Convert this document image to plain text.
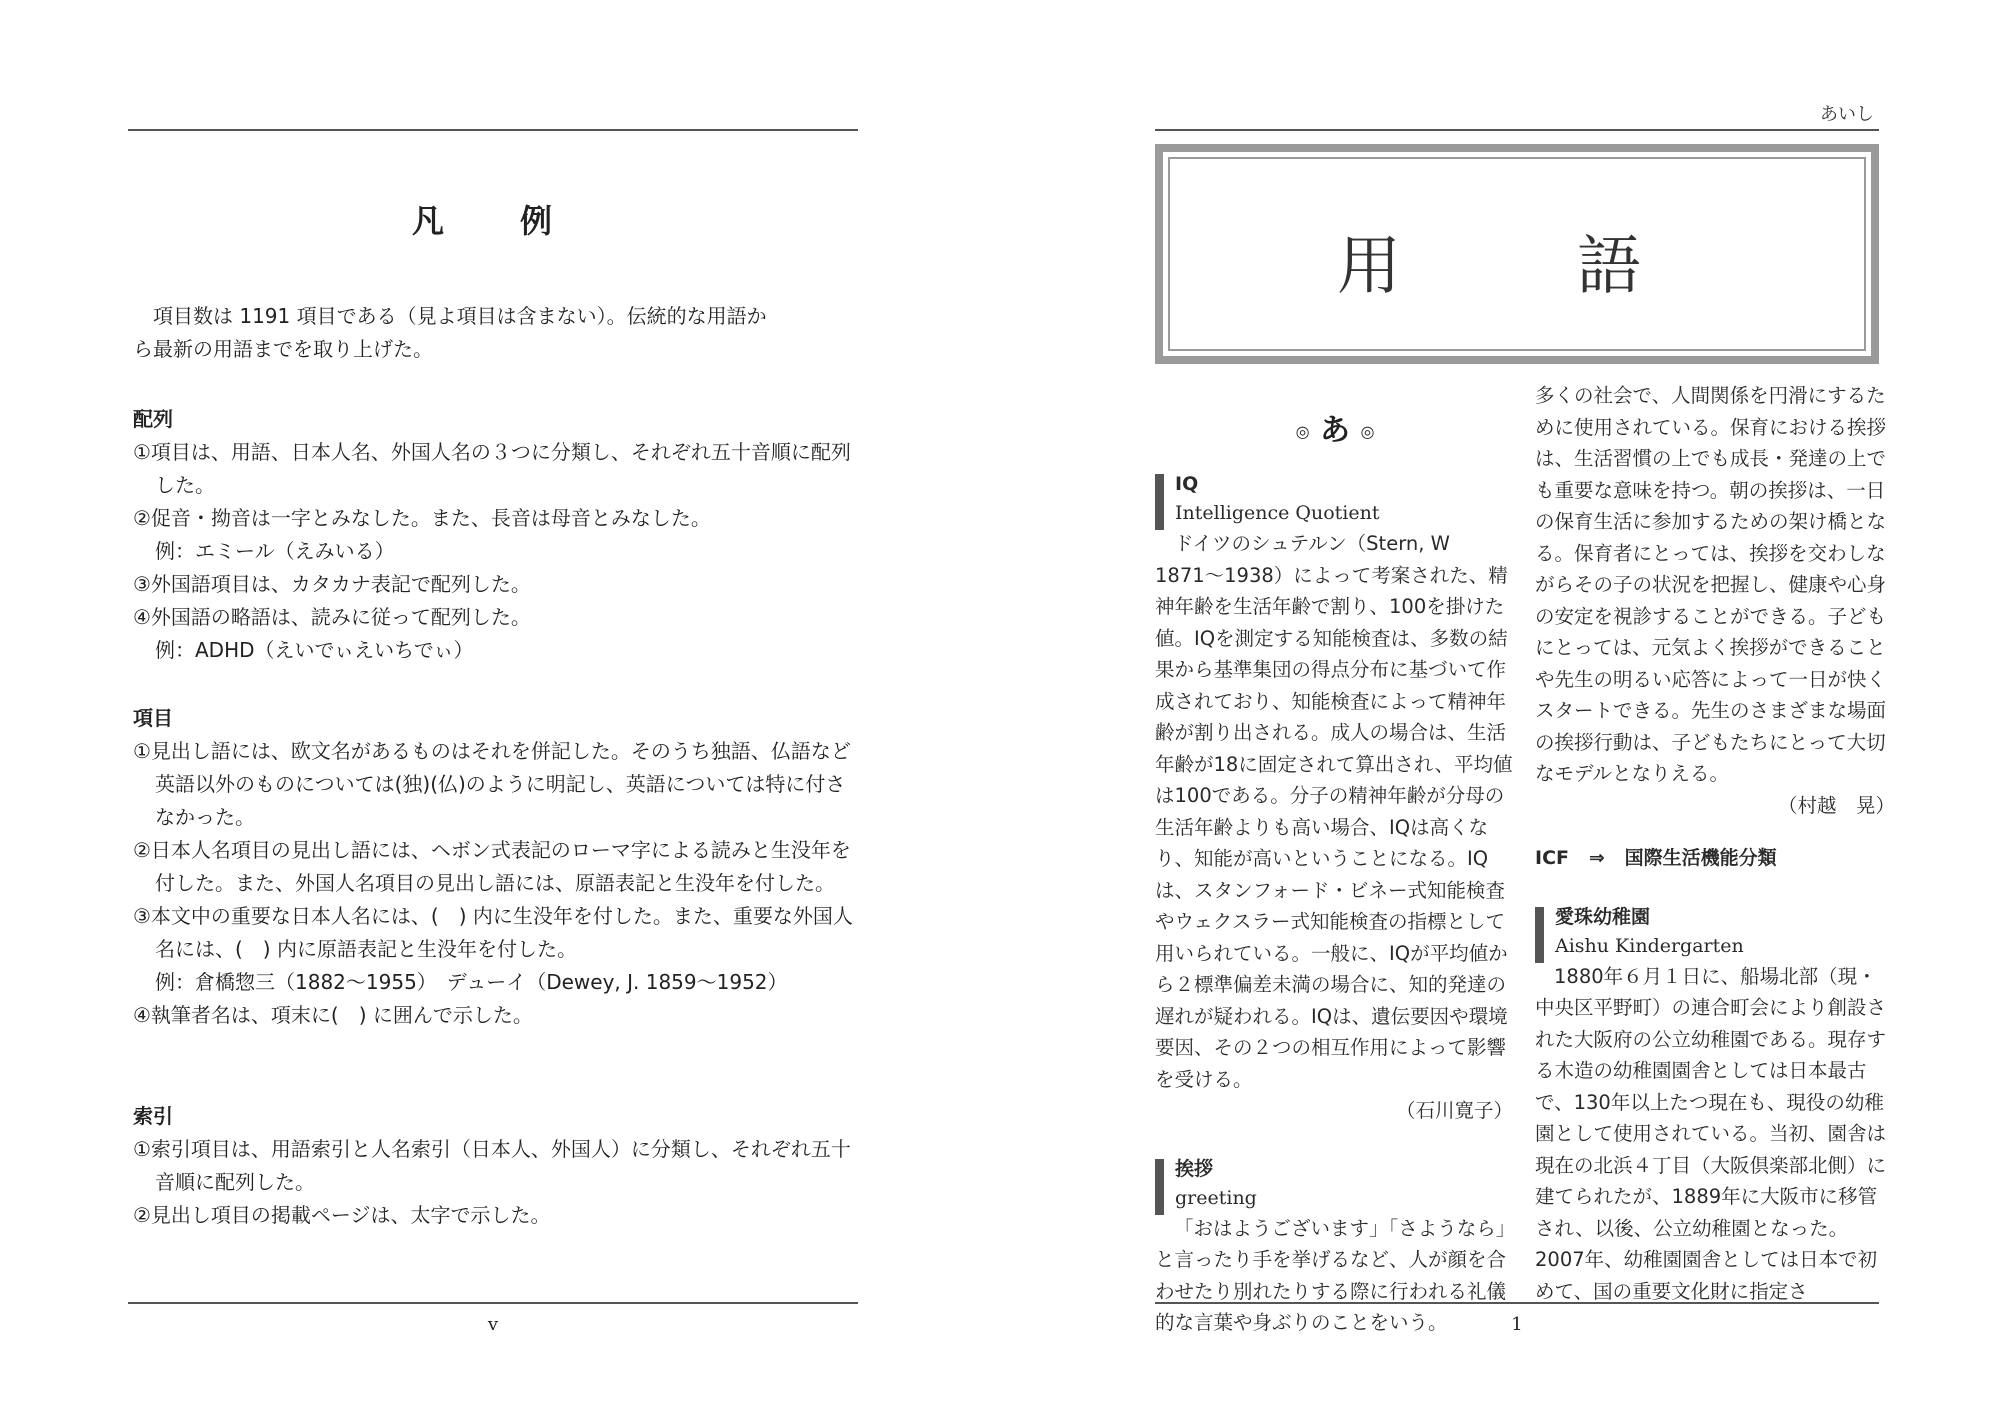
凡　例

項目数は 1191 項目である（見よ項目は含まない）。伝統的な用語か

ら最新の用語までを取り上げた。

配列

①項目は、用語、日本人名、外国人名の３つに分類し、それぞれ五十音順に配列した。

②促音・拗音は一字とみなした。また、長音は母音とみなした。

例：エミール（えみいる）

③外国語項目は、カタカナ表記で配列した。

④外国語の略語は、読みに従って配列した。

例：ADHD（えいでぃえいちでぃ）

項目

①見出し語には、欧文名があるものはそれを併記した。そのうち独語、仏語など英語以外のものについては(独)(仏)のように明記し、英語については特に付さなかった。

②日本人名項目の見出し語には、ヘボン式表記のローマ字による読みと生没年を付した。また、外国人名項目の見出し語には、原語表記と生没年を付した。

③本文中の重要な日本人名には、(　) 内に生没年を付した。また、重要な外国人名には、(　) 内に原語表記と生没年を付した。

例：倉橋惣三（1882〜1955）　デューイ（Dewey, J. 1859〜1952）

④執筆者名は、項末に(　) に囲んで示した。

索引

①索引項目は、用語索引と人名索引（日本人、外国人）に分類し、それぞれ五十音順に配列した。

②見出し項目の掲載ページは、太字で示した。

v
あいし
用　語
◎ あ ◎
IQ
Intelligence Quotient

ドイツのシュテルン（Stern, W 1871〜1938）によって考案された、精神年齢を生活年齢で割り、100を掛けた値。IQを測定する知能検査は、多数の結果から基準集団の得点分布に基づいて作成されており、知能検査によって精神年齢が割り出される。成人の場合は、生活年齢が18に固定されて算出され、平均値は100である。分子の精神年齢が分母の生活年齢よりも高い場合、IQは高くなり、知能が高いということになる。IQは、スタンフォード・ビネー式知能検査やウェクスラー式知能検査の指標として用いられている。一般に、IQが平均値から２標準偏差未満の場合に、知的発達の遅れが疑われる。IQは、遺伝要因や環境要因、その２つの相互作用によって影響を受ける。

（石川寛子）

挨拶
greeting

「おはようございます」「さようなら」と言ったり手を挙げるなど、人が顔を合わせたり別れたりする際に行われる礼儀的な言葉や身ぶりのことをいう。

多くの社会で、人間関係を円滑にするために使用されている。保育における挨拶は、生活習慣の上でも成長・発達の上でも重要な意味を持つ。朝の挨拶は、一日の保育生活に参加するための架け橋となる。保育者にとっては、挨拶を交わしながらその子の状況を把握し、健康や心身の安定を視診することができる。子どもにとっては、元気よく挨拶ができることや先生の明るい応答によって一日が快くスタートできる。先生のさまざまな場面の挨拶行動は、子どもたちにとって大切なモデルとなりえる。

（村越　晃）

ICF ⇒ 国際生活機能分類

愛珠幼稚園
Aishu Kindergarten

1880年６月１日に、船場北部（現・中央区平野町）の連合町会により創設された大阪府の公立幼稚園である。現存する木造の幼稚園園舎としては日本最古で、130年以上たつ現在も、現役の幼稚園として使用されている。当初、園舎は現在の北浜４丁目（大阪倶楽部北側）に建てられたが、1889年に大阪市に移管され、以後、公立幼稚園となった。2007年、幼稚園園舎としては日本で初めて、国の重要文化財に指定さ

1
